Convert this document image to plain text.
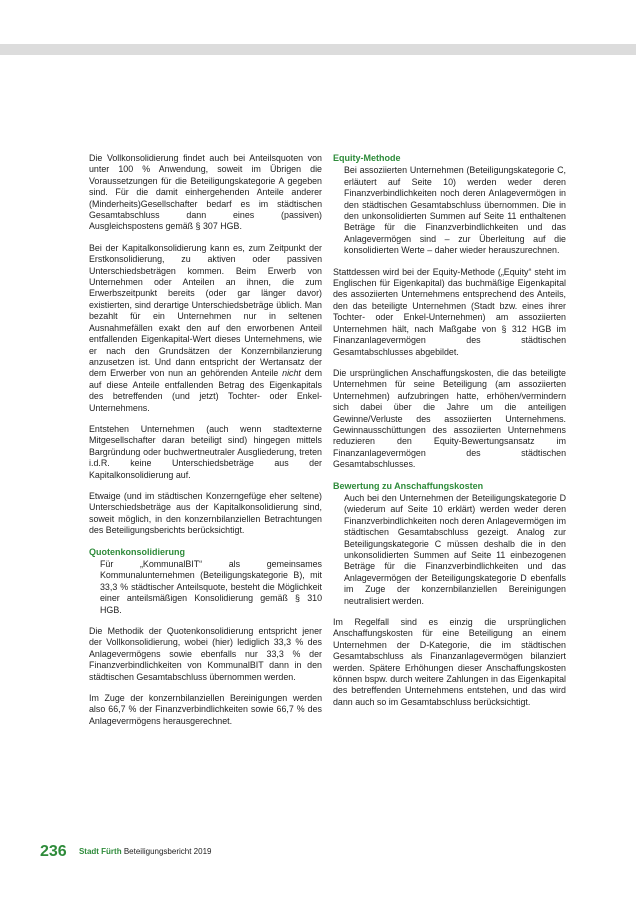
Die Vollkonsolidierung findet auch bei Anteilsquoten von unter 100 % Anwendung, soweit im Übrigen die Voraussetzungen für die Beteiligungskategorie A gegeben sind. Für die damit einhergehenden Anteile anderer (Minderheits)Gesellschafter bedarf es im städtischen Gesamtabschluss dann eines (passiven) Ausgleichspostens gemäß § 307 HGB.

Bei der Kapitalkonsolidierung kann es, zum Zeitpunkt der Erstkonsolidierung, zu aktiven oder passiven Unterschiedsbeträgen kommen. Beim Erwerb von Unternehmen oder Anteilen an ihnen, die zum Erwerbszeitpunkt bereits (oder gar länger davor) existierten, sind derartige Unterschiedsbeträge üblich. Man bezahlt für ein Unternehmen nur in seltenen Ausnahmefällen exakt den auf den erworbenen Anteil entfallenden Eigenkapital-Wert dieses Unternehmens, wie er nach den Grundsätzen der Konzernbilanzierung anzusetzen ist. Und dann entspricht der Wertansatz der dem Erwerber von nun an gehörenden Anteile nicht dem auf diese Anteile entfallenden Betrag des Eigenkapitals des betreffenden (und jetzt) Tochter- oder Enkel-Unternehmens.

Entstehen Unternehmen (auch wenn stadtexterne Mitgesellschafter daran beteiligt sind) hingegen mittels Bargründung oder buchwertneutraler Ausgliederung, treten i.d.R. keine Unterschiedsbeträge aus der Kapitalkonsolidierung auf.

Etwaige (und im städtischen Konzerngefüge eher seltene) Unterschiedsbeträge aus der Kapitalkonsolidierung sind, soweit möglich, in den konzernbilanziellen Betrachtungen des Beteiligungsberichts berücksichtigt.

Quotenkonsolidierung

Für „KommunalBIT“ als gemeinsames Kommunalunternehmen (Beteiligungskategorie B), mit 33,3 % städtischer Anteilsquote, besteht die Möglichkeit einer anteilsmäßigen Konsolidierung gemäß § 310 HGB.

Die Methodik der Quotenkonsolidierung entspricht jener der Vollkonsolidierung, wobei (hier) lediglich 33,3 % des Anlagevermögens sowie ebenfalls nur 33,3 % der Finanzverbindlichkeiten von KommunalBIT dann in den städtischen Gesamtabschluss übernommen werden.

Im Zuge der konzernbilanziellen Bereinigungen werden also 66,7 % der Finanzverbindlichkeiten sowie 66,7 % des Anlagevermögens herausgerechnet.

Equity-Methode

Bei assoziierten Unternehmen (Beteiligungskategorie C, erläutert auf Seite 10) werden weder deren Finanzverbindlichkeiten noch deren Anlagevermögen in den städtischen Gesamtabschluss übernommen. Die in den unkonsolidierten Summen auf Seite 11 enthaltenen Beträge für die Finanzverbindlichkeiten und das Anlagevermögen sind – zur Überleitung auf die konsolidierten Werte – daher wieder herauszurechnen.

Stattdessen wird bei der Equity-Methode („Equity“ steht im Englischen für Eigenkapital) das buchmäßige Eigenkapital des assoziierten Unternehmens entsprechend des Anteils, den das beteiligte Unternehmen (Stadt bzw. eines ihrer Tochter- oder Enkel-Unternehmen) am assoziierten Unternehmen hält, nach Maßgabe von § 312 HGB im Finanzanlagevermögen des städtischen Gesamtabschlusses abgebildet.

Die ursprünglichen Anschaffungskosten, die das beteiligte Unternehmen für seine Beteiligung (am assoziierten Unternehmen) aufzubringen hatte, erhöhen/vermindern sich dabei über die Jahre um die anteiligen Gewinne/Verluste des assoziierten Unternehmens. Gewinnausschüttungen des assoziierten Unternehmens reduzieren den Equity-Bewertungsansatz im Finanzanlagevermögen des städtischen Gesamtabschlusses.

Bewertung zu Anschaffungskosten

Auch bei den Unternehmen der Beteiligungskategorie D (wiederum auf Seite 10 erklärt) werden weder deren Finanzverbindlichkeiten noch deren Anlagevermögen im städtischen Gesamtabschluss gezeigt. Analog zur Beteiligungskategorie C müssen deshalb die in den unkonsolidierten Summen auf Seite 11 einbezogenen Beträge für die Finanzverbindlichkeiten und das Anlagevermögen der Beteiligungskategorie D ebenfalls im Zuge der konzernbilanziellen Bereinigungen neutralisiert werden.

Im Regelfall sind es einzig die ursprünglichen Anschaffungskosten für eine Beteiligung an einem Unternehmen der D-Kategorie, die im städtischen Gesamtabschluss als Finanzanlagevermögen bilanziert werden. Spätere Erhöhungen dieser Anschaffungskosten können bspw. durch weitere Zahlungen in das Eigenkapital des betreffenden Unternehmens entstehen, und das wird dann auch so im Gesamtabschluss berücksichtigt.

236 Stadt Fürth Beteiligungsbericht 2019
